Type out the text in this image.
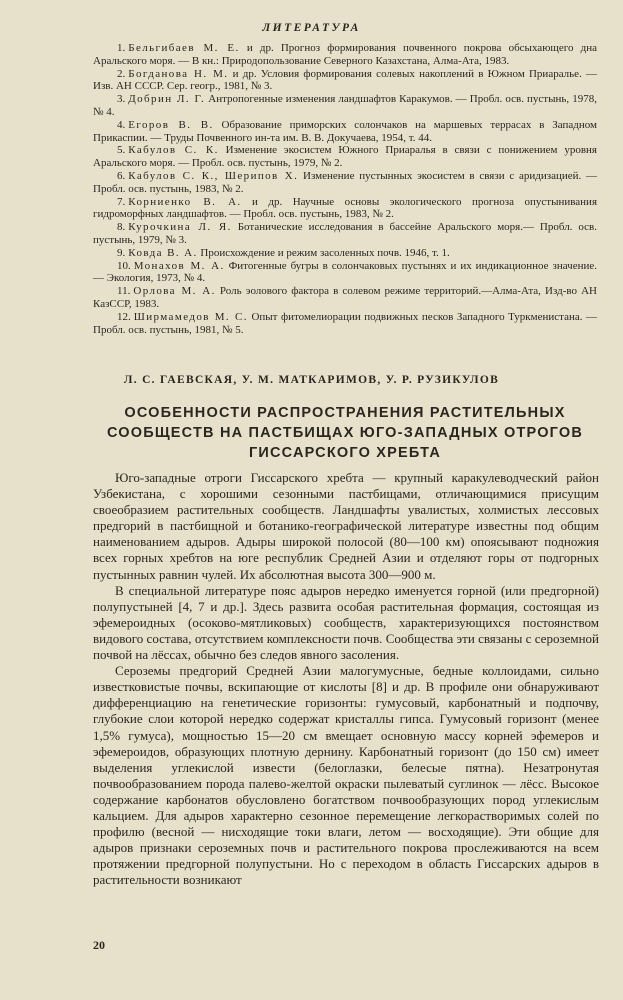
ЛИТЕРАТУРА

1. Бельгибаев М. Е. и др. Прогноз формирования почвенного покрова обсыхающего дна Аральского моря. — В кн.: Природопользование Северного Казахстана, Алма-Ата, 1983.

2. Богданова Н. М. и др. Условия формирования солевых накоплений в Южном Приаралье. — Изв. АН СССР. Сер. геогр., 1981, № 3.

3. Добрин Л. Г. Антропогенные изменения ландшафтов Каракумов. — Пробл. осв. пустынь, 1978, № 4.

4. Егоров В. В. Образование приморских солончаков на маршевых террасах в Западном Прикаспии. — Труды Почвенного ин-та им. В. В. Докучаева, 1954, т. 44.

5. Кабулов С. К. Изменение экосистем Южного Приаралья в связи с понижением уровня Аральского моря. — Пробл. осв. пустынь, 1979, № 2.

6. Кабулов С. К., Шерипов Х. Изменение пустынных экосистем в связи с аридизацией. — Пробл. осв. пустынь, 1983, № 2.

7. Корниенко В. А. и др. Научные основы экологического прогноза опустынивания гидроморфных ландшафтов. — Пробл. осв. пустынь, 1983, № 2.

8. Курочкина Л. Я. Ботанические исследования в бассейне Аральского моря.— Пробл. осв. пустынь, 1979, № 3.

9. Ковда В. А. Происхождение и режим засоленных почв. 1946, т. 1.

10. Монахов М. А. Фитогенные бугры в солончаковых пустынях и их индикационное значение. — Экология, 1973, № 4.

11. Орлова М. А. Роль эолового фактора в солевом режиме территорий.—Алма-Ата, Изд-во АН КазССР, 1983.

12. Ширмамедов М. С. Опыт фитомелиорации подвижных песков Западного Туркменистана. — Пробл. осв. пустынь, 1981, № 5.

Л. С. ГАЕВСКАЯ, У. М. МАТКАРИМОВ, У. Р. РУЗИКУЛОВ
ОСОБЕННОСТИ РАСПРОСТРАНЕНИЯ РАСТИТЕЛЬНЫХ СООБЩЕСТВ НА ПАСТБИЩАХ ЮГО-ЗАПАДНЫХ ОТРОГОВ ГИССАРСКОГО ХРЕБТА

Юго-западные отроги Гиссарского хребта — крупный каракулеводческий район Узбекистана, с хорошими сезонными пастбищами, отличающимися присущим своеобразием растительных сообществ. Ландшафты увалистых, холмистых лессовых предгорий в пастбищной и ботанико-географической литературе известны под общим наименованием адыров. Адыры широкой полосой (80—100 км) опоясывают подножия всех горных хребтов на юге республик Средней Азии и отделяют горы от подгорных пустынных равнин чулей. Их абсолютная высота 300—900 м.

В специальной литературе пояс адыров нередко именуется горной (или предгорной) полупустыней [4, 7 и др.]. Здесь развита особая растительная формация, состоящая из эфемероидных (осоково-мятликовых) сообществ, характеризующихся постоянством видового состава, отсутствием комплексности почв. Сообщества эти связаны с сероземной почвой на лёссах, обычно без следов явного засоления.

Сероземы предгорий Средней Азии малогумусные, бедные коллоидами, сильно известковистые почвы, вскипающие от кислоты [8] и др. В профиле они обнаруживают дифференциацию на генетические горизонты: гумусовый, карбонатный и подпочву, глубокие слои которой нередко содержат кристаллы гипса. Гумусовый горизонт (менее 1,5% гумуса), мощностью 15—20 см вмещает основную массу корней эфемеров и эфемероидов, образующих плотную дернину. Карбонатный горизонт (до 150 см) имеет выделения углекислой извести (белоглазки, белесые пятна). Незатронутая почвообразованием порода палево-желтой окраски пылеватый суглинок — лёсс. Высокое содержание карбонатов обусловлено богатством почвообразующих пород углекислым кальцием. Для адыров характерно сезонное перемещение легкорастворимых солей по профилю (весной — нисходящие токи влаги, летом — восходящие). Эти общие для адыров признаки сероземных почв и растительного покрова прослеживаются на всем протяжении предгорной полупустыни. Но с переходом в область Гиссарских адыров в растительности возникают

20
